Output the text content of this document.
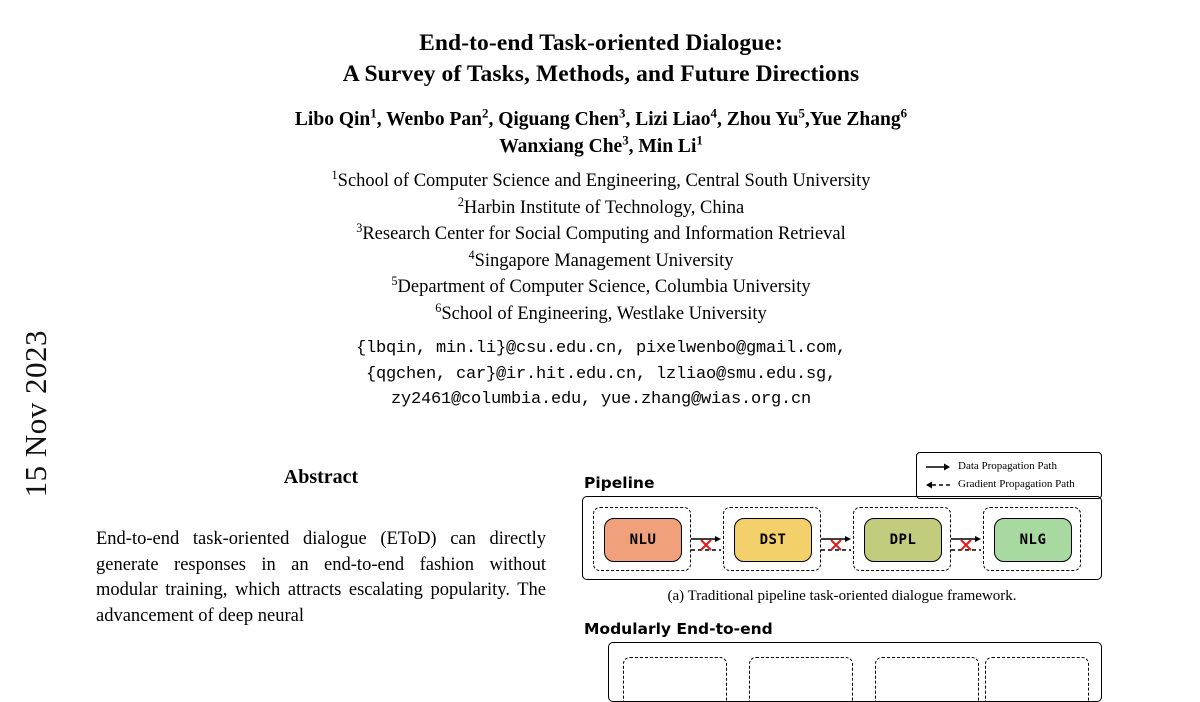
15 Nov 2023
End-to-end Task-oriented Dialogue:
A Survey of Tasks, Methods, and Future Directions
Libo Qin$^1$, Wenbo Pan$^2$, Qiguang Chen$^3$, Lizi Liao$^4$, Zhou Yu$^5$,Yue Zhang$^6$
Wanxiang Che$^3$, Min Li$^1$
$^1$School of Computer Science and Engineering, Central South University
$^2$Harbin Institute of Technology, China
$^3$Research Center for Social Computing and Information Retrieval
$^4$Singapore Management University
$^5$Department of Computer Science, Columbia University
$^6$School of Engineering, Westlake University
{lbqin, min.li}@csu.edu.cn, pixelwenbo@gmail.com,
{qgchen, car}@ir.hit.edu.cn, lzliao@smu.edu.sg,
zy2461@columbia.edu, yue.zhang@wias.org.cn
Abstract
End-to-end task-oriented dialogue (EToD) can directly generate responses in an end-to-end fashion without modular training, which attracts escalating popularity. The advancement of deep neural
Data Propagation Path
Gradient Propagation Path
Pipeline
NLU	DST	DPL	NLG
(a) Traditional pipeline task-oriented dialogue framework.
Modularly End-to-end
